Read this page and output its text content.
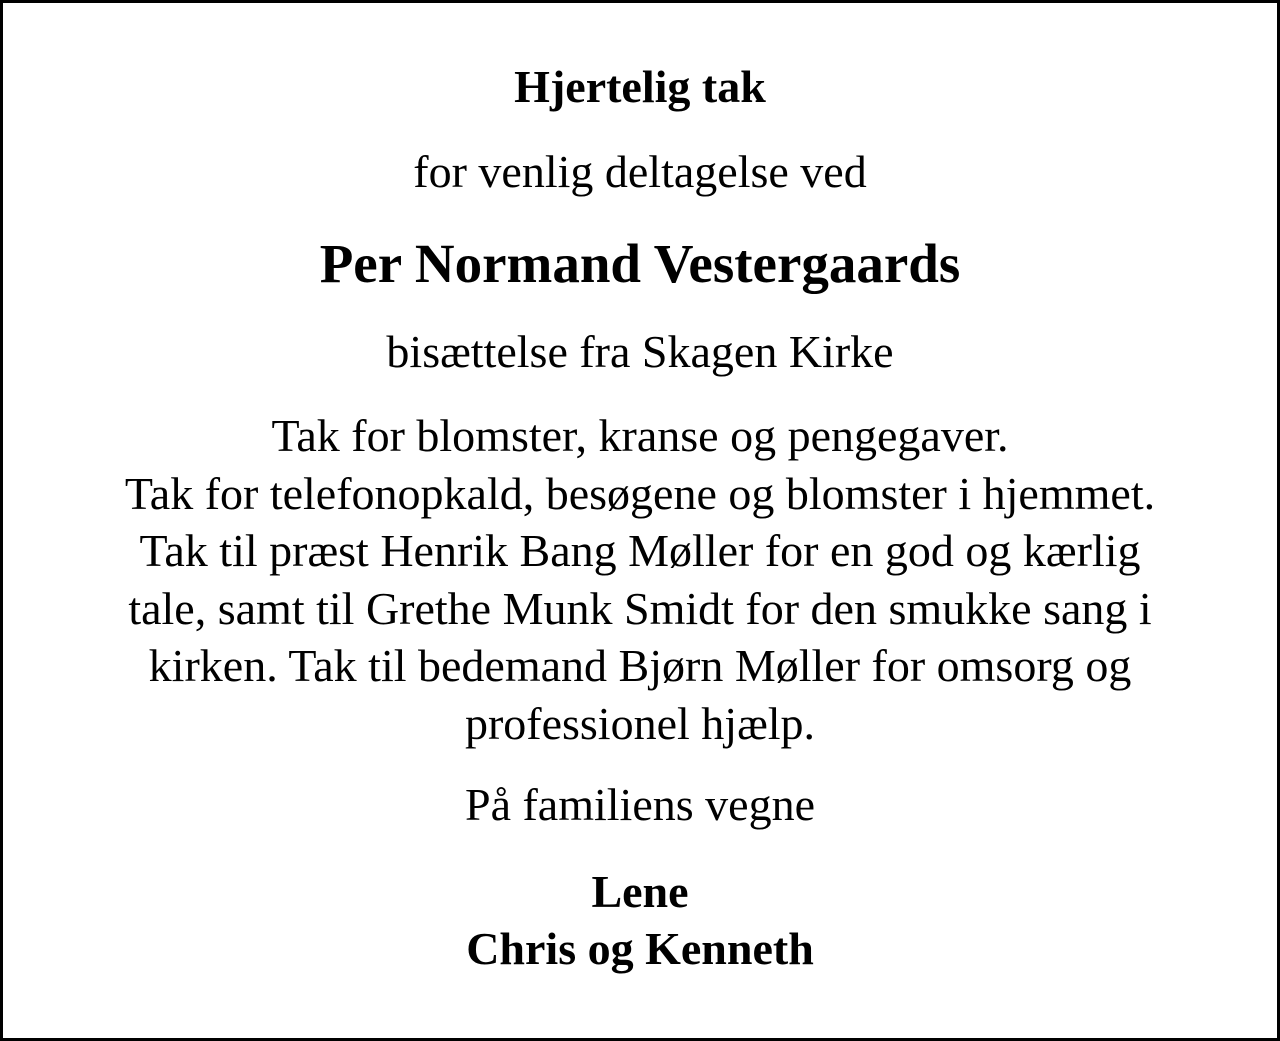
Hjertelig tak

for venlig deltagelse ved

Per Normand Vestergaards

bisættelse fra Skagen Kirke

Tak for blomster, kranse og pengegaver.
Tak for telefonopkald, besøgene og blomster i hjemmet.
Tak til præst Henrik Bang Møller for en god og kærlig
tale, samt til Grethe Munk Smidt for den smukke sang i
kirken. Tak til bedemand Bjørn Møller for omsorg og
professionel hjælp.

På familiens vegne

Lene
Chris og Kenneth
